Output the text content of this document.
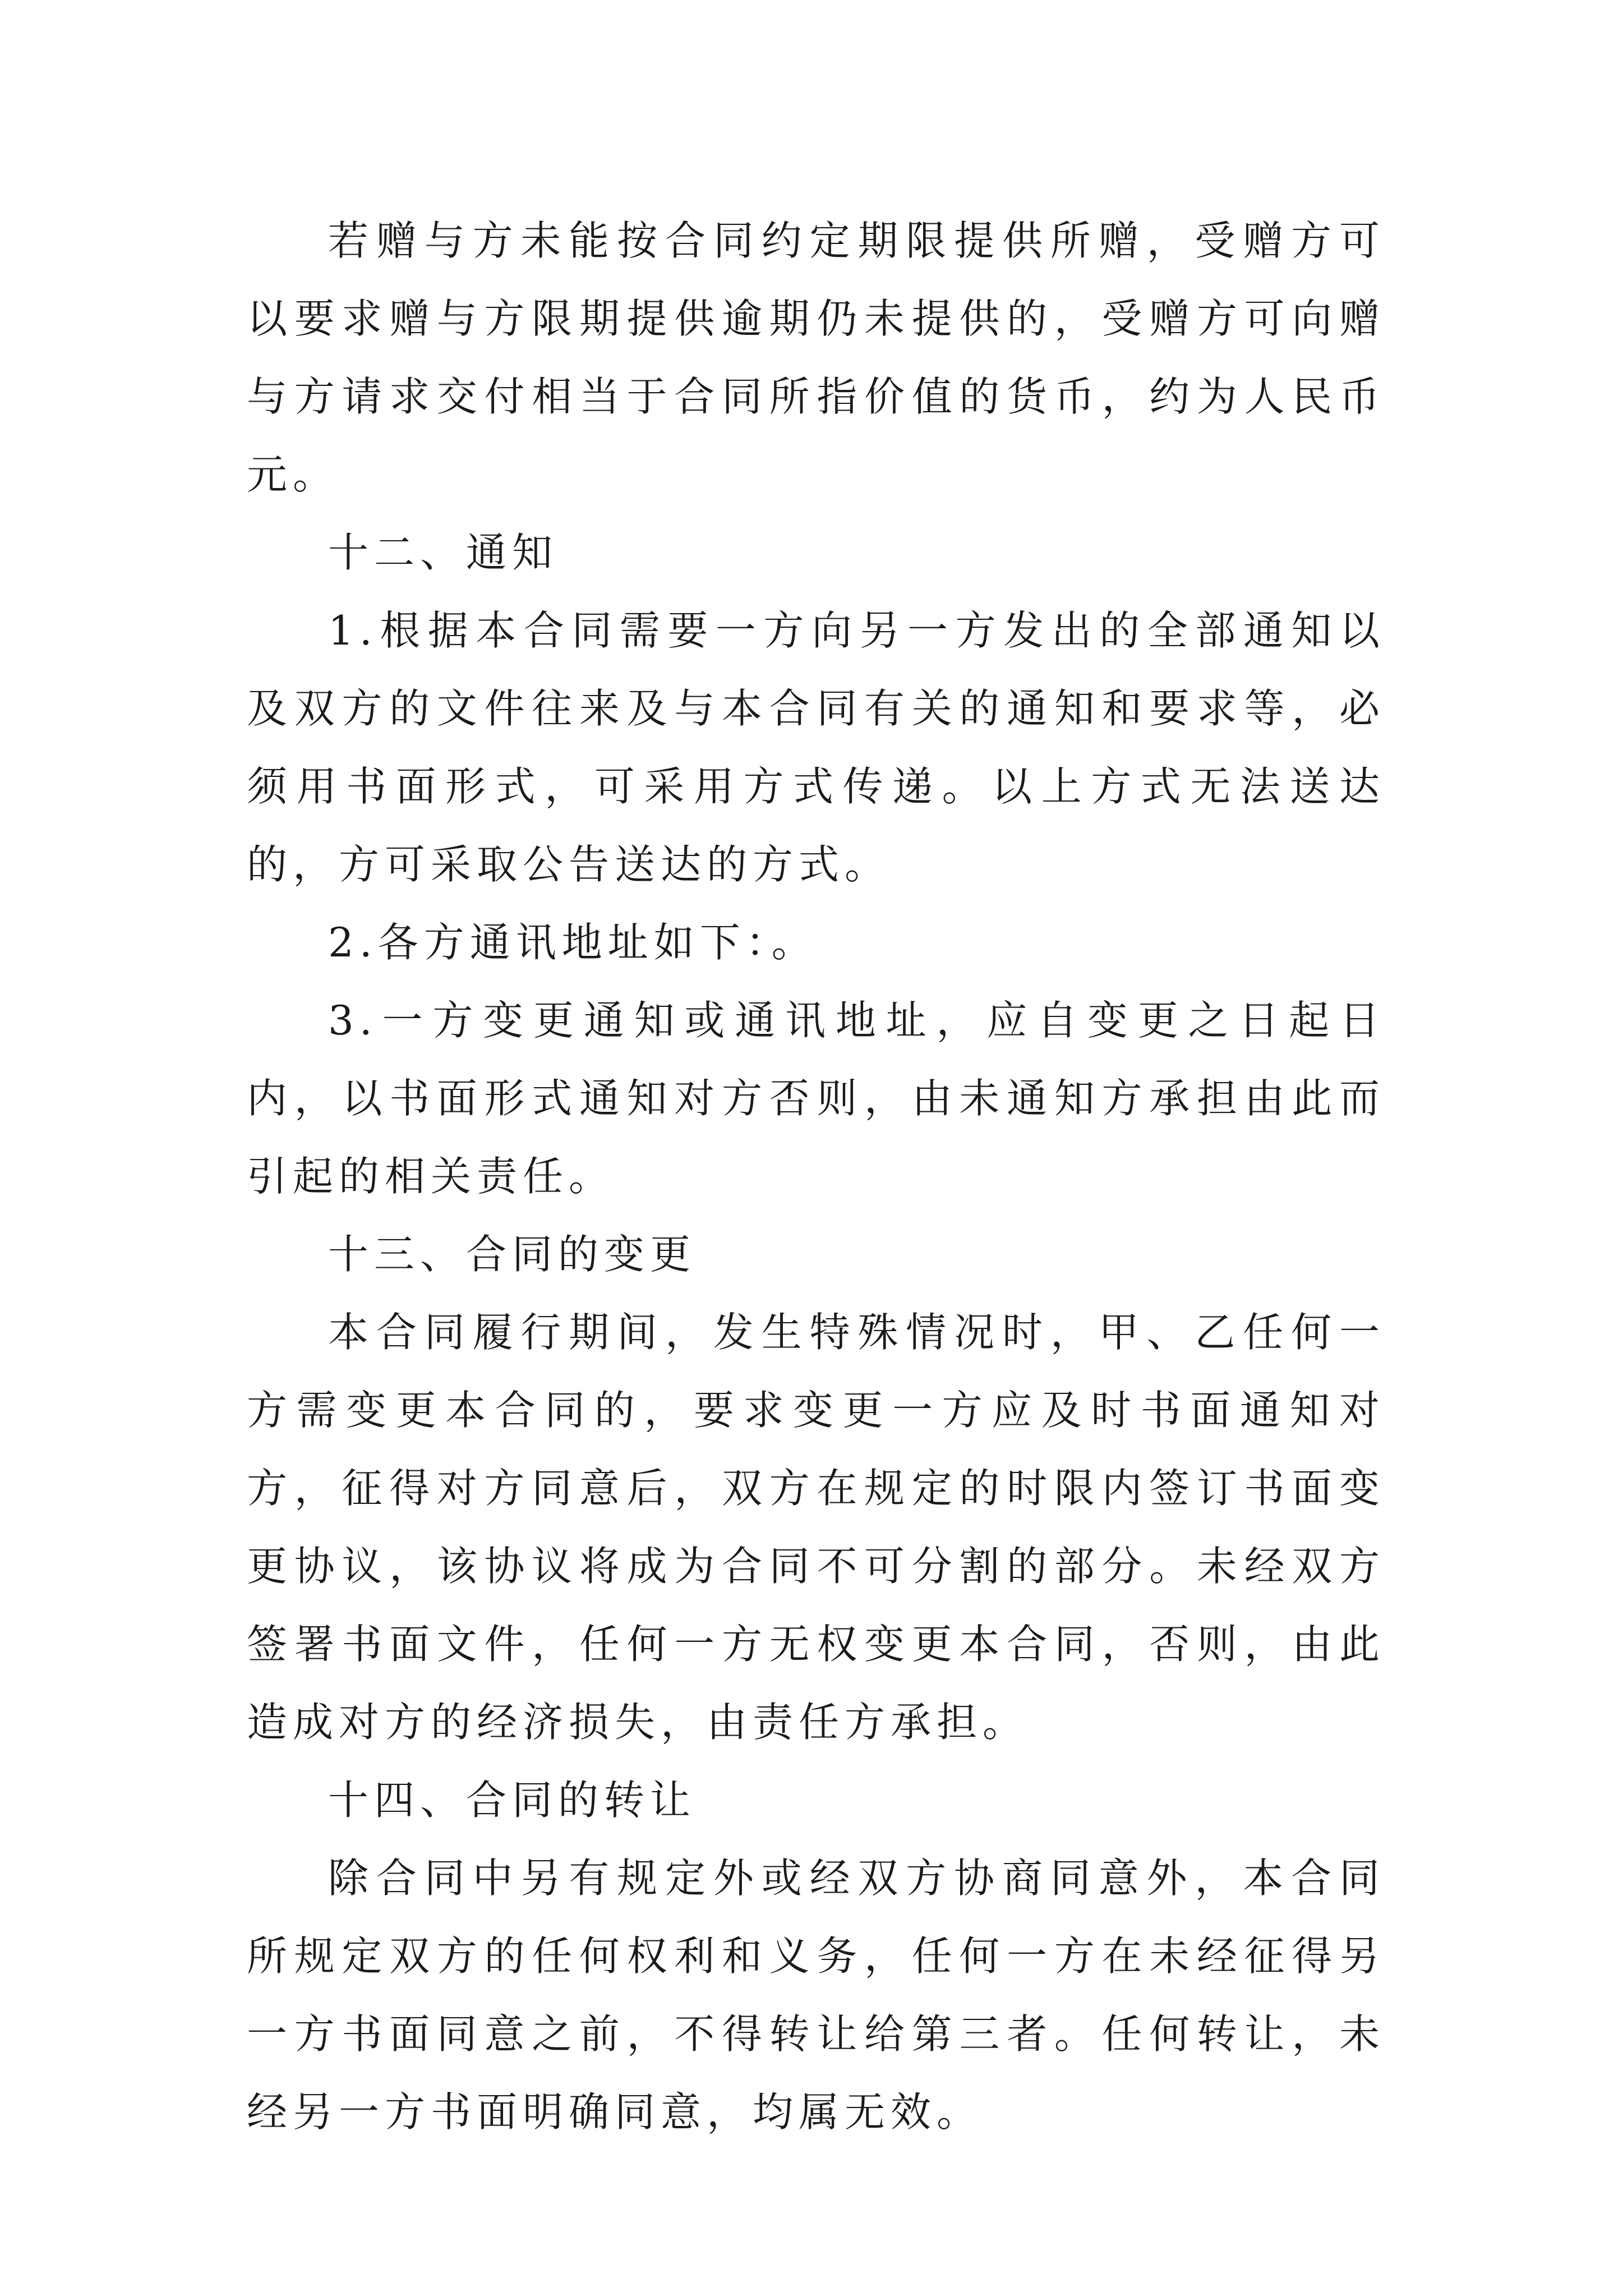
若赠与方未能按合同约定期限提供所赠，受赠方可以要求赠与方限期提供逾期仍未提供的，受赠方可向赠与方请求交付相当于合同所指价值的货币，约为人民币元。

十二、通知

1.根据本合同需要一方向另一方发出的全部通知以及双方的文件往来及与本合同有关的通知和要求等，必须用书面形式，可采用方式传递。以上方式无法送达的，方可采取公告送达的方式。

2.各方通讯地址如下：。

3.一方变更通知或通讯地址，应自变更之日起日内，以书面形式通知对方否则，由未通知方承担由此而引起的相关责任。

十三、合同的变更

本合同履行期间，发生特殊情况时，甲、乙任何一方需变更本合同的，要求变更一方应及时书面通知对方，征得对方同意后，双方在规定的时限内签订书面变更协议，该协议将成为合同不可分割的部分。未经双方签署书面文件，任何一方无权变更本合同，否则，由此造成对方的经济损失，由责任方承担。

十四、合同的转让

除合同中另有规定外或经双方协商同意外，本合同所规定双方的任何权利和义务，任何一方在未经征得另一方书面同意之前，不得转让给第三者。任何转让，未经另一方书面明确同意，均属无效。
